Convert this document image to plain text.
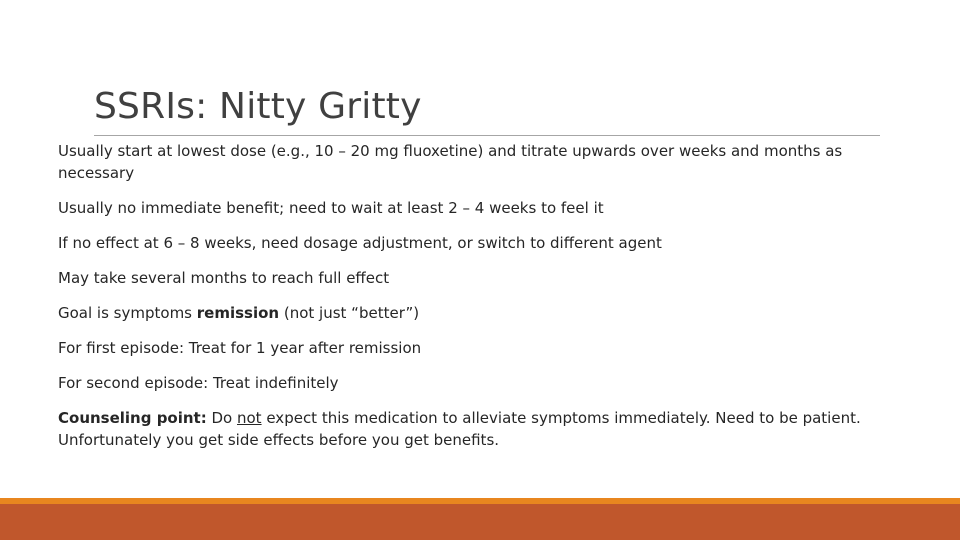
SSRIs: Nitty Gritty
Usually start at lowest dose (e.g., 10 – 20 mg fluoxetine) and titrate upwards over weeks and months as necessary
Usually no immediate benefit; need to wait at least 2 – 4 weeks to feel it
If no effect at 6 – 8 weeks, need dosage adjustment, or switch to different agent
May take several months to reach full effect
Goal is symptoms remission (not just “better”)
For first episode: Treat for 1 year after remission
For second episode: Treat indefinitely
Counseling point: Do not expect this medication to alleviate symptoms immediately. Need to be patient. Unfortunately you get side effects before you get benefits.
